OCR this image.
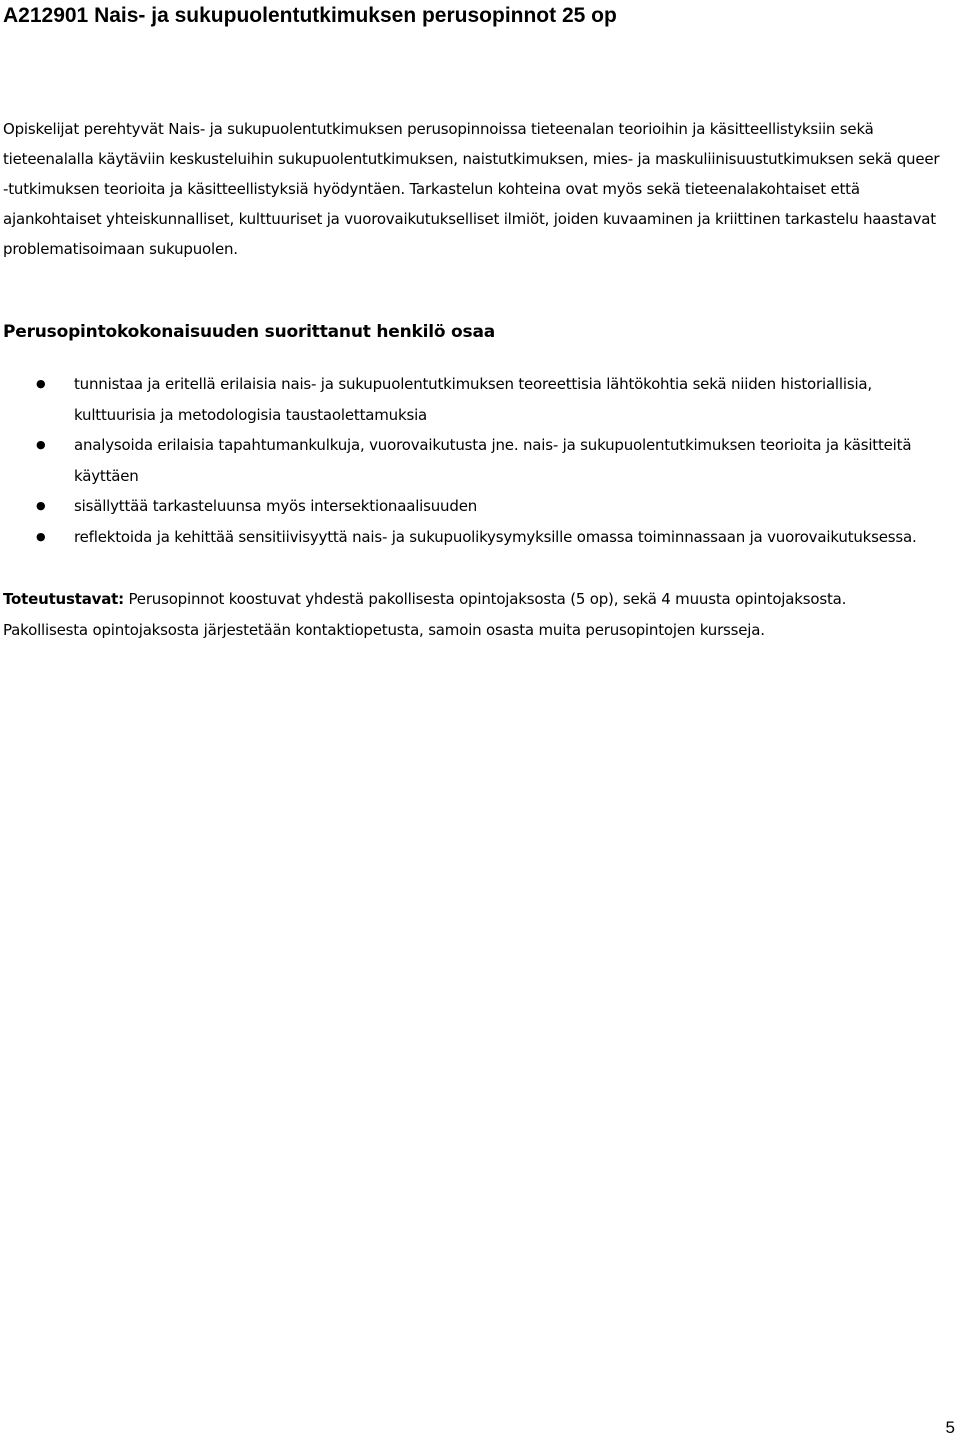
A212901 Nais- ja sukupuolentutkimuksen perusopinnot 25 op

Opiskelijat perehtyvät Nais- ja sukupuolentutkimuksen perusopinnoissa tieteenalan teorioihin ja käsitteellistyksiin sekä tieteenalalla käytäviin keskusteluihin sukupuolentutkimuksen, naistutkimuksen, mies- ja maskuliinisuustutkimuksen sekä queer -tutkimuksen teorioita ja käsitteellistyksiä hyödyntäen. Tarkastelun kohteina ovat myös sekä tieteenalakohtaiset että ajankohtaiset yhteiskunnalliset, kulttuuriset ja vuorovaikutukselliset ilmiöt, joiden kuvaaminen ja kriittinen tarkastelu haastavat problematisoimaan sukupuolen.

Perusopintokokonaisuuden suorittanut henkilö osaa
● tunnistaa ja eritellä erilaisia nais- ja sukupuolentutkimuksen teoreettisia lähtökohtia sekä niiden historiallisia, kulttuurisia ja metodologisia taustaolettamuksia
● analysoida erilaisia tapahtumankulkuja, vuorovaikutusta jne. nais- ja sukupuolentutkimuksen teorioita ja käsitteitä käyttäen
● sisällyttää tarkasteluunsa myös intersektionaalisuuden
● reflektoida ja kehittää sensitiivisyyttä nais- ja sukupuolikysymyksille omassa toiminnassaan ja vuorovaikutuksessa.

Toteutustavat: Perusopinnot koostuvat yhdestä pakollisesta opintojaksosta (5 op), sekä 4 muusta opintojaksosta. Pakollisesta opintojaksosta järjestetään kontaktiopetusta, samoin osasta muita perusopintojen kursseja.

5
